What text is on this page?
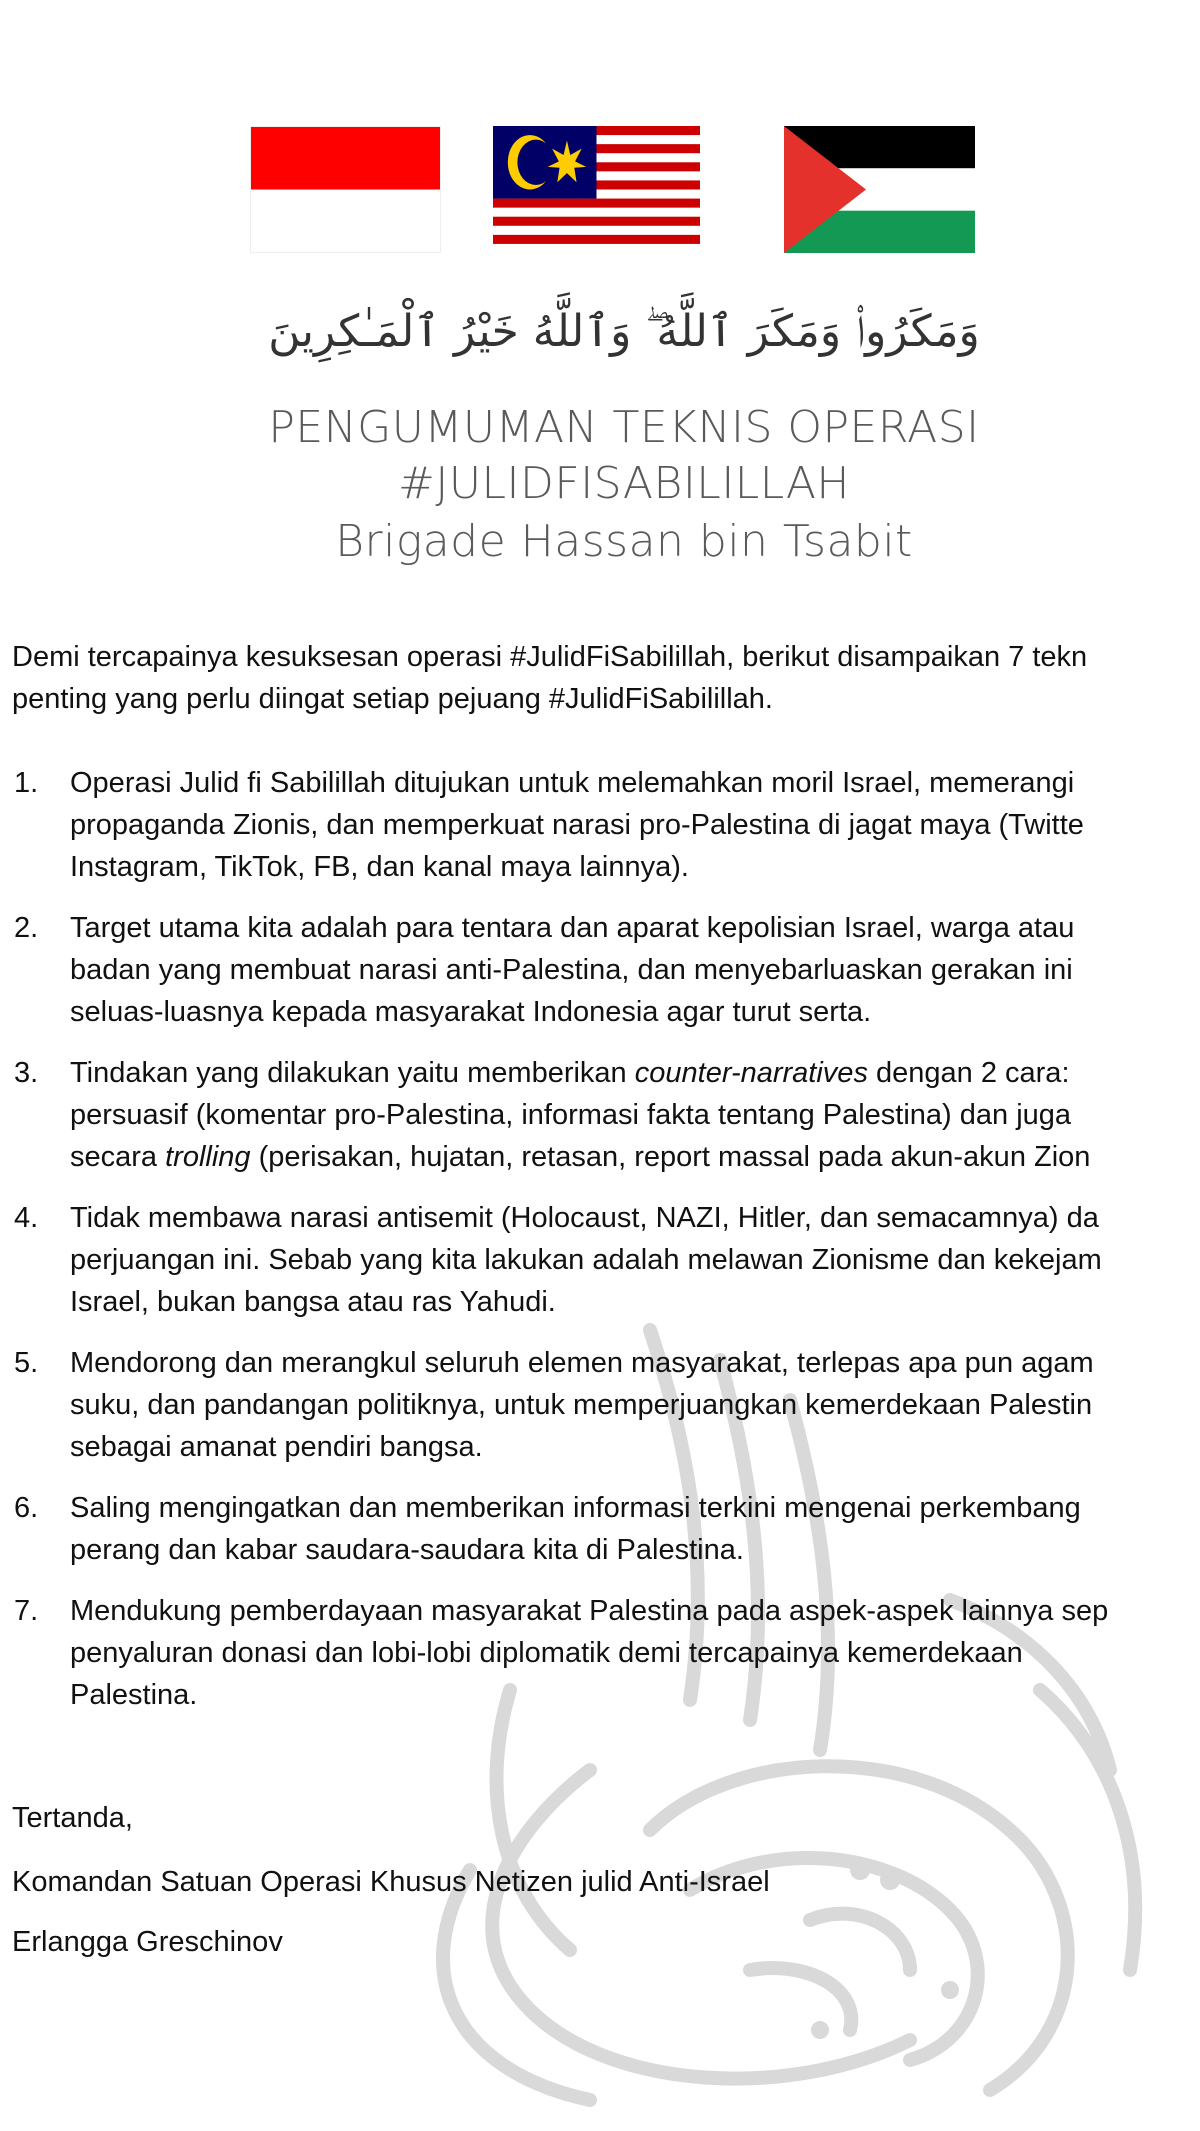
وَمَكَرُوا۟ وَمَكَرَ ٱللَّهُ ۖ وَٱللَّهُ خَيْرُ ٱلْمَـٰكِرِينَ
PENGUMUMAN TEKNIS OPERASI
#JULIDFISABILILLAH
Brigade Hassan bin Tsabit
Demi tercapainya kesuksesan operasi #JulidFiSabilillah, berikut disampaikan 7 tekn
penting yang perlu diingat setiap pejuang #JulidFiSabilillah.
1.	Operasi Julid fi Sabilillah ditujukan untuk melemahkan moril Israel, memerangi
propaganda Zionis, dan memperkuat narasi pro-Palestina di jagat maya (Twitte
Instagram, TikTok, FB, dan kanal maya lainnya).
2.	Target utama kita adalah para tentara dan aparat kepolisian Israel, warga atau
badan yang membuat narasi anti-Palestina, dan menyebarluaskan gerakan ini
seluas-luasnya kepada masyarakat Indonesia agar turut serta.
3.	Tindakan yang dilakukan yaitu memberikan counter-narratives dengan 2 cara:
persuasif (komentar pro-Palestina, informasi fakta tentang Palestina) dan juga
secara trolling (perisakan, hujatan, retasan, report massal pada akun-akun Zion
4.	Tidak membawa narasi antisemit (Holocaust, NAZI, Hitler, dan semacamnya) da
perjuangan ini. Sebab yang kita lakukan adalah melawan Zionisme dan kekejam
Israel, bukan bangsa atau ras Yahudi.
5.	Mendorong dan merangkul seluruh elemen masyarakat, terlepas apa pun agam
suku, dan pandangan politiknya, untuk memperjuangkan kemerdekaan Palestin
sebagai amanat pendiri bangsa.
6.	Saling mengingatkan dan memberikan informasi terkini mengenai perkembang
perang dan kabar saudara-saudara kita di Palestina.
7.	Mendukung pemberdayaan masyarakat Palestina pada aspek-aspek lainnya sep
penyaluran donasi dan lobi-lobi diplomatik demi tercapainya kemerdekaan
Palestina.
Tertanda,
Komandan Satuan Operasi Khusus Netizen julid Anti-Israel
Erlangga Greschinov
